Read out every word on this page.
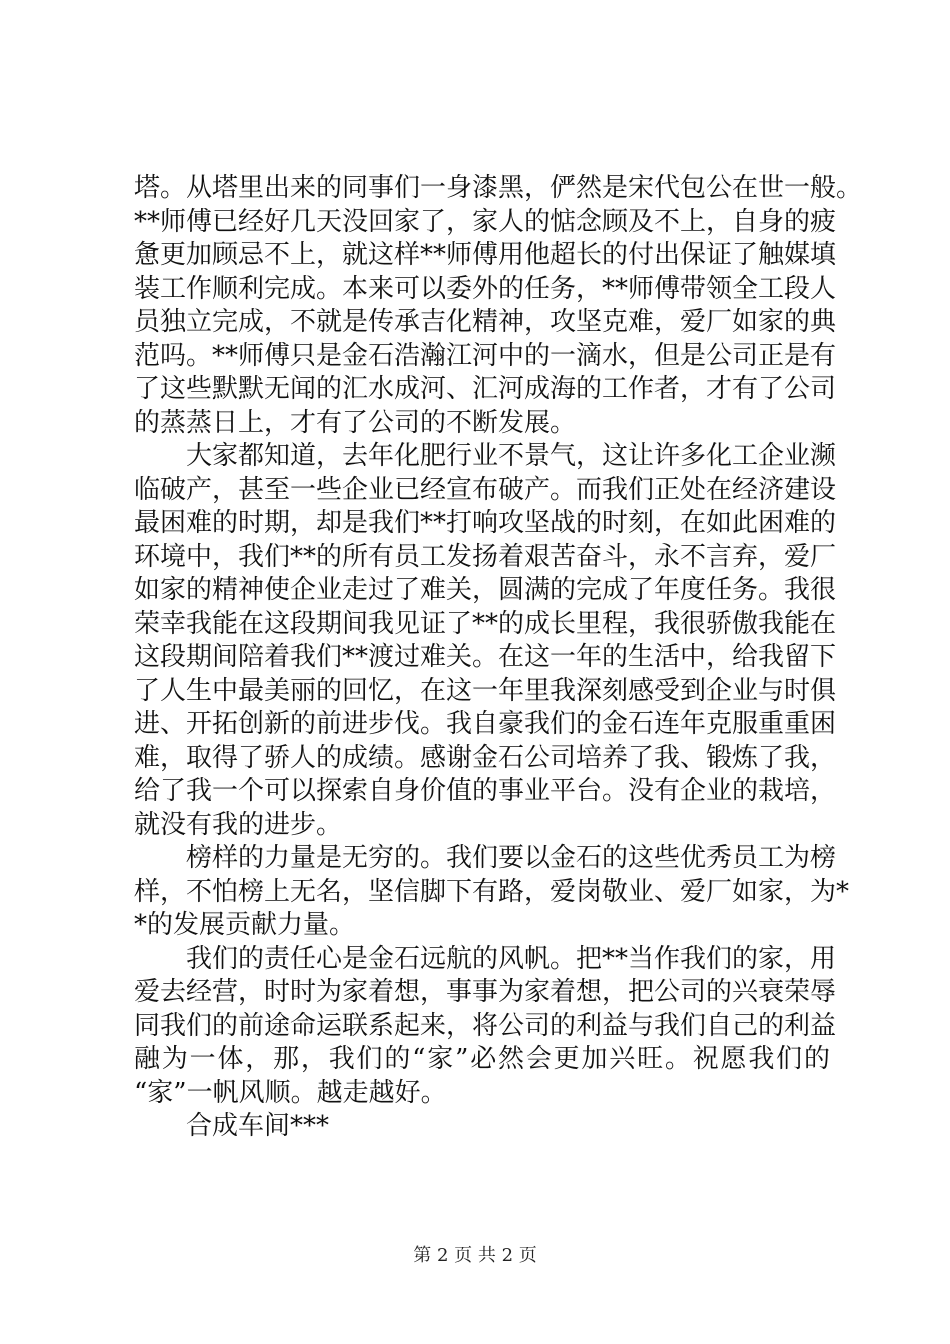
塔。从塔里出来的同事们一身漆黑，俨然是宋代包公在世一般。
**师傅已经好几天没回家了，家人的惦念顾及不上，自身的疲
惫更加顾忌不上，就这样**师傅用他超长的付出保证了触媒填
装工作顺利完成。本来可以委外的任务，**师傅带领全工段人
员独立完成，不就是传承吉化精神，攻坚克难，爱厂如家的典
范吗。**师傅只是金石浩瀚江河中的一滴水，但是公司正是有
了这些默默无闻的汇水成河、汇河成海的工作者，才有了公司
的蒸蒸日上，才有了公司的不断发展。
　　大家都知道，去年化肥行业不景气，这让许多化工企业濒
临破产，甚至一些企业已经宣布破产。而我们正处在经济建设
最困难的时期，却是我们**打响攻坚战的时刻，在如此困难的
环境中，我们**的所有员工发扬着艰苦奋斗，永不言弃，爱厂
如家的精神使企业走过了难关，圆满的完成了年度任务。我很
荣幸我能在这段期间我见证了**的成长里程，我很骄傲我能在
这段期间陪着我们**渡过难关。在这一年的生活中，给我留下
了人生中最美丽的回忆，在这一年里我深刻感受到企业与时俱
进、开拓创新的前进步伐。我自豪我们的金石连年克服重重困
难，取得了骄人的成绩。感谢金石公司培养了我、锻炼了我，
给了我一个可以探索自身价值的事业平台。没有企业的栽培，
就没有我的进步。
　　榜样的力量是无穷的。我们要以金石的这些优秀员工为榜
样，不怕榜上无名，坚信脚下有路，爱岗敬业、爱厂如家，为*
*的发展贡献力量。
　　我们的责任心是金石远航的风帆。把**当作我们的家，用
爱去经营，时时为家着想，事事为家着想，把公司的兴衰荣辱
同我们的前途命运联系起来，将公司的利益与我们自己的利益
融为一体，那，我们的“家”必然会更加兴旺。祝愿我们的
“家”一帆风顺。越走越好。
　　合成车间***
第 2 页 共 2 页
